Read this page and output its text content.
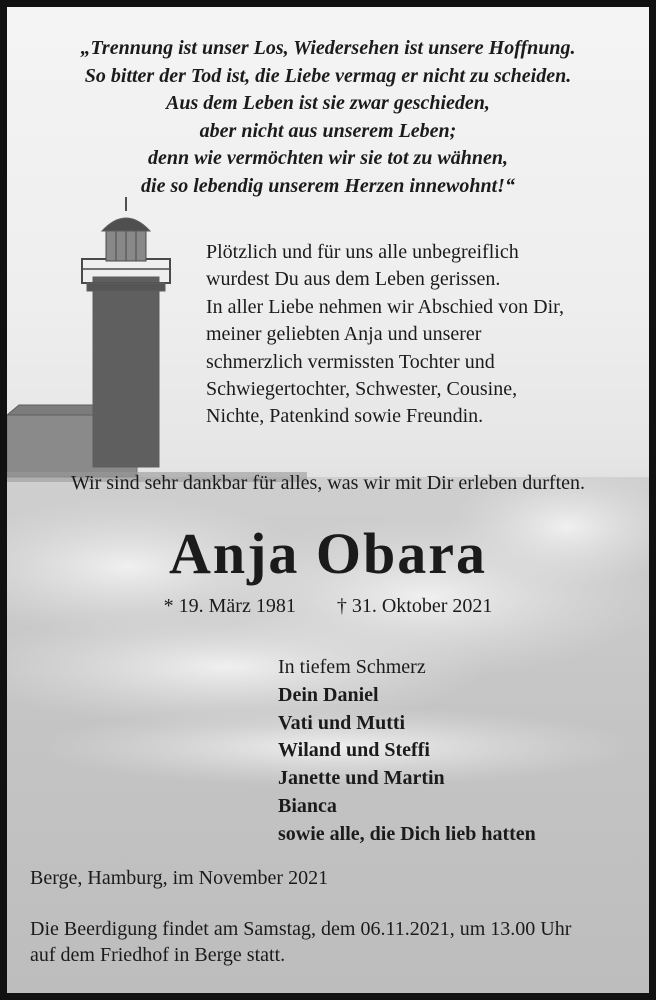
„Trennung ist unser Los, Wiedersehen ist unsere Hoffnung.
So bitter der Tod ist, die Liebe vermag er nicht zu scheiden.
Aus dem Leben ist sie zwar geschieden,
aber nicht aus unserem Leben;
denn wie vermöchten wir sie tot zu wähnen,
die so lebendig unserem Herzen innewohnt!“
Plötzlich und für uns alle unbegreiflich
wurdest Du aus dem Leben gerissen.
In aller Liebe nehmen wir Abschied von Dir,
meiner geliebten Anja und unserer
schmerzlich vermissten Tochter und
Schwiegertochter, Schwester, Cousine,
Nichte, Patenkind sowie Freundin.
Wir sind sehr dankbar für alles, was wir mit Dir erleben durften.
Anja Obara
* 19. März 1981 † 31. Oktober 2021
In tiefem Schmerz
Dein Daniel
Vati und Mutti
Wiland und Steffi
Janette und Martin
Bianca
sowie alle, die Dich lieb hatten
Berge, Hamburg, im November 2021
Die Beerdigung findet am Samstag, dem 06.11.2021, um 13.00 Uhr
auf dem Friedhof in Berge statt.
